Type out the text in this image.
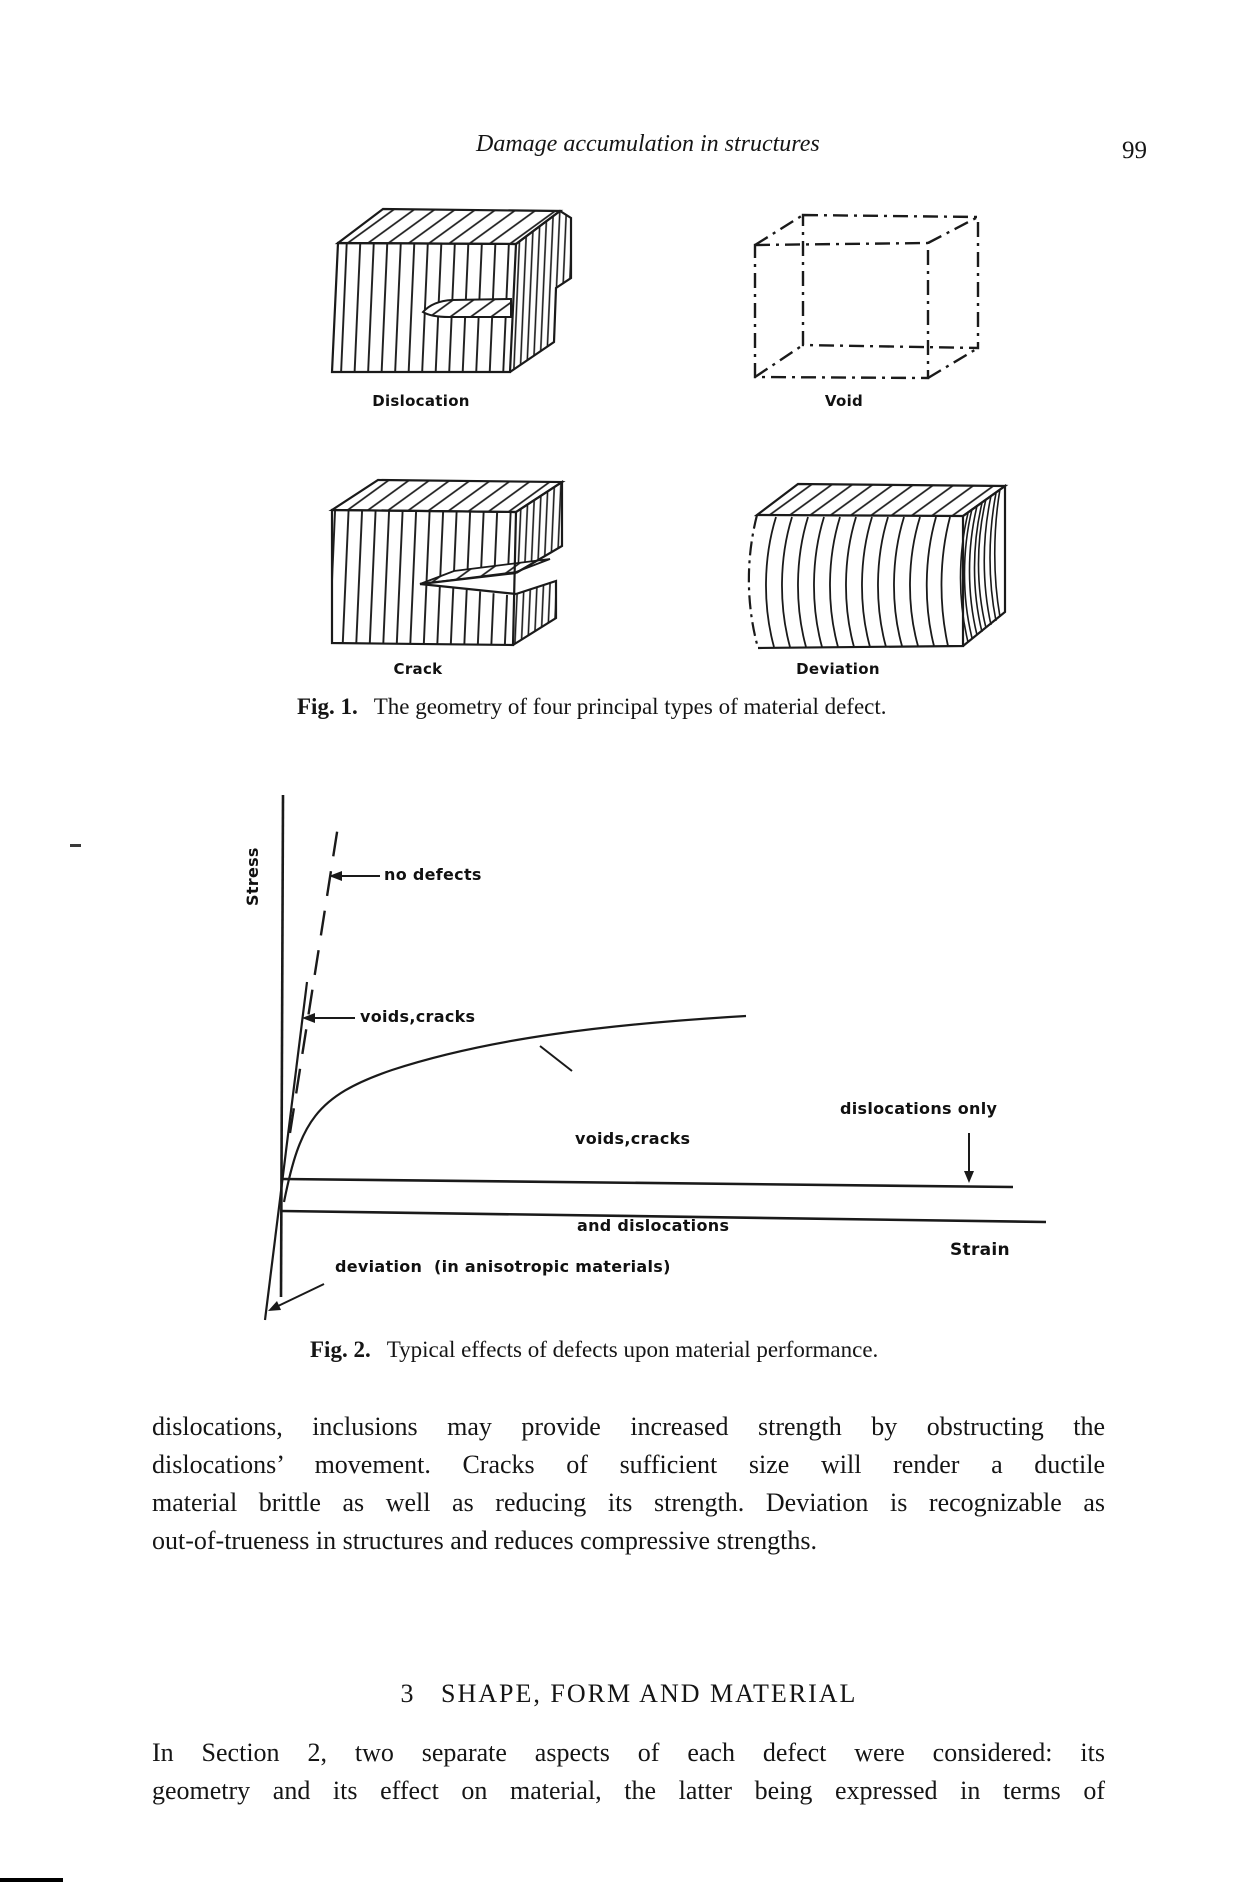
Damage accumulation in structures	99
Dislocation	Void
Crack	Deviation
Fig. 1. The geometry of four principal types of material defect.
Stress	no defects
voids,cracks

voids,cracks

and dislocations

dislocations only
Strain
deviation  (in anisotropic materials)
Fig. 2. Typical effects of defects upon material performance.
dislocations, inclusions may provide increased strength by obstructing the
dislocations’ movement. Cracks of sufficient size will render a ductile
material brittle as well as reducing its strength. Deviation is recognizable as
out-of-trueness in structures and reduces compressive strengths.
3   SHAPE, FORM AND MATERIAL
In Section 2, two separate aspects of each defect were considered: its
geometry and its effect on material, the latter being expressed in terms of
